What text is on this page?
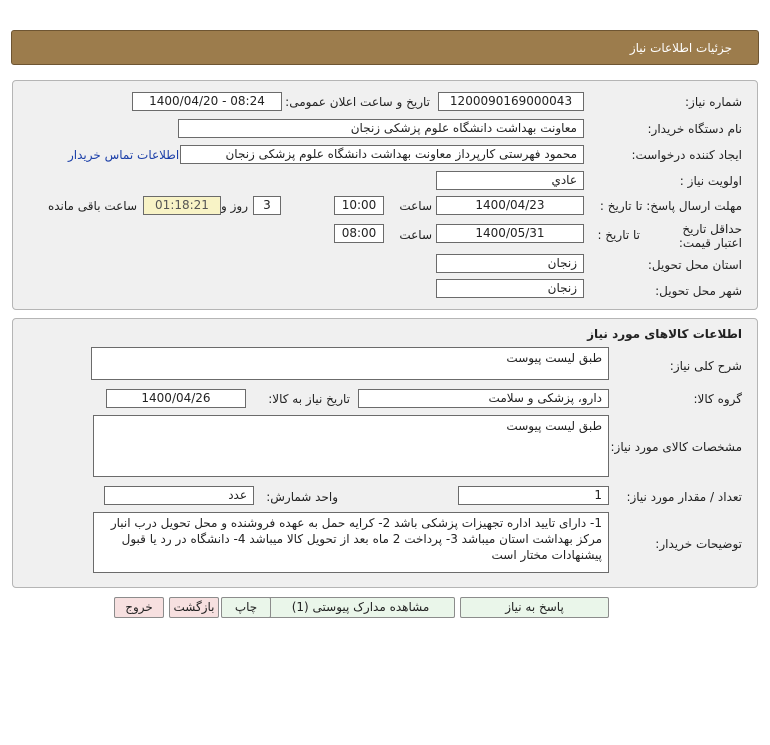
جزئیات اطلاعات نیاز
شماره نیاز:
1200090169000043
تاریخ و ساعت اعلان عمومی:
1400/04/20 - 08:24
نام دستگاه خریدار:
معاونت بهداشت دانشگاه علوم پزشکی زنجان
ایجاد کننده درخواست:
محمود فهرستی کارپرداز معاونت بهداشت دانشگاه علوم پزشکی زنجان
اطلاعات تماس خریدار
اولویت نیاز :
عادي
مهلت ارسال پاسخ: تا تاریخ :
1400/04/23
ساعت
10:00
3
روز و
01:18:21
ساعت باقی مانده
حداقل تاریخ اعتبار قیمت:
تا تاریخ :
1400/05/31
ساعت
08:00
استان محل تحویل:
زنجان
شهر محل تحویل:
زنجان
اطلاعات کالاهای مورد نیاز
شرح کلی نیاز:
طبق لیست پیوست
گروه کالا:
دارو، پزشکی و سلامت
تاریخ نیاز به کالا:
1400/04/26
مشخصات کالای مورد نیاز:
طبق لیست پیوست
تعداد / مقدار مورد نیاز:
1
واحد شمارش:
عدد
توضیحات خریدار:
1- دارای تایید اداره تجهیزات پزشکی باشد 2- کرایه حمل به عهده فروشنده و محل تحویل درب انبار مرکز بهداشت استان میباشد 3- پرداخت 2 ماه بعد از تحویل کالا میباشد 4- دانشگاه در رد یا قبول پیشنهادات مختار است
پاسخ به نیاز
مشاهده مدارک پیوستی (1)
چاپ
بازگشت
خروج
